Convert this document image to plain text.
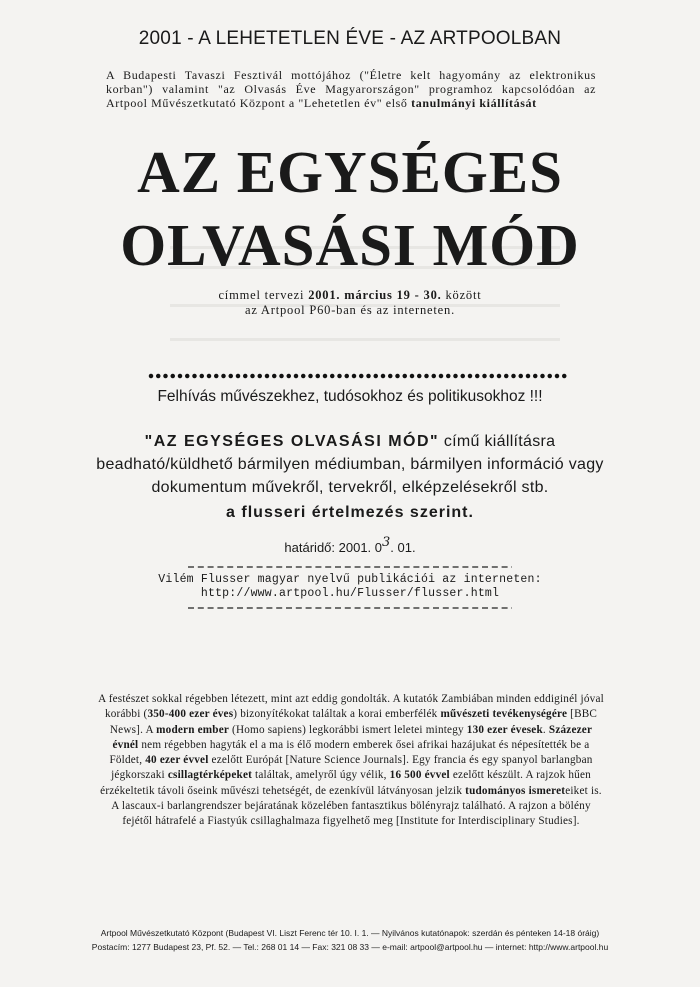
2001 - A LEHETETLEN ÉVE - AZ ARTPOOLBAN
A Budapesti Tavaszi Fesztivál mottójához ("Életre kelt hagyomány az elektronikus korban") valamint "az Olvasás Éve Magyarországon" programhoz kapcsolódóan az Artpool Művészetkutató Központ a "Lehetetlen év" első tanulmányi kiállítását
AZ EGYSÉGES
OLVASÁSI MÓD
címmel tervezi 2001. március 19 - 30. között
az Artpool P60-ban és az interneten.
Felhívás művészekhez, tudósokhoz és politikusokhoz !!!
"AZ EGYSÉGES OLVASÁSI MÓD" című kiállításra
beadható/küldhető bármilyen médiumban, bármilyen információ vagy
dokumentum művekről, tervekről, elképzelésekről stb.
a flusseri értelmezés szerint.
határidő: 2001. 03. 01.
Vilém Flusser magyar nyelvű publikációi az interneten:
http://www.artpool.hu/Flusser/flusser.html
A festészet sokkal régebben létezett, mint azt eddig gondolták. A kutatók Zambiában minden eddiginél jóval korábbi (350-400 ezer éves) bizonyítékokat találtak a korai emberfélék művészeti tevékenységére [BBC News]. A modern ember (Homo sapiens) legkorábbi ismert leletei mintegy 130 ezer évesek. Százezer évnél nem régebben hagyták el a ma is élő modern emberek ősei afrikai hazájukat és népesítették be a Földet, 40 ezer évvel ezelőtt Európát [Nature Science Journals]. Egy francia és egy spanyol barlangban jégkorszaki csillagtérképeket találtak, amelyről úgy vélik, 16 500 évvel ezelőtt készült. A rajzok hűen érzékeltetik távoli őseink művészi tehetségét, de ezenkívül látványosan jelzik tudományos ismereteiket is. A lascaux-i barlangrendszer bejáratának közelében fantasztikus bölényrajz található. A rajzon a bölény fejétől hátrafelé a Fiastyúk csillaghalmaza figyelhető meg [Institute for Interdisciplinary Studies].
Artpool Művészetkutató Központ (Budapest VI. Liszt Ferenc tér 10. I. 1. — Nyilvános kutatónapok: szerdán és pénteken 14-18 óráig)
Postacím: 1277 Budapest 23, Pf. 52. — Tel.: 268 01 14 — Fax: 321 08 33 — e-mail: artpool@artpool.hu — internet: http://www.artpool.hu
